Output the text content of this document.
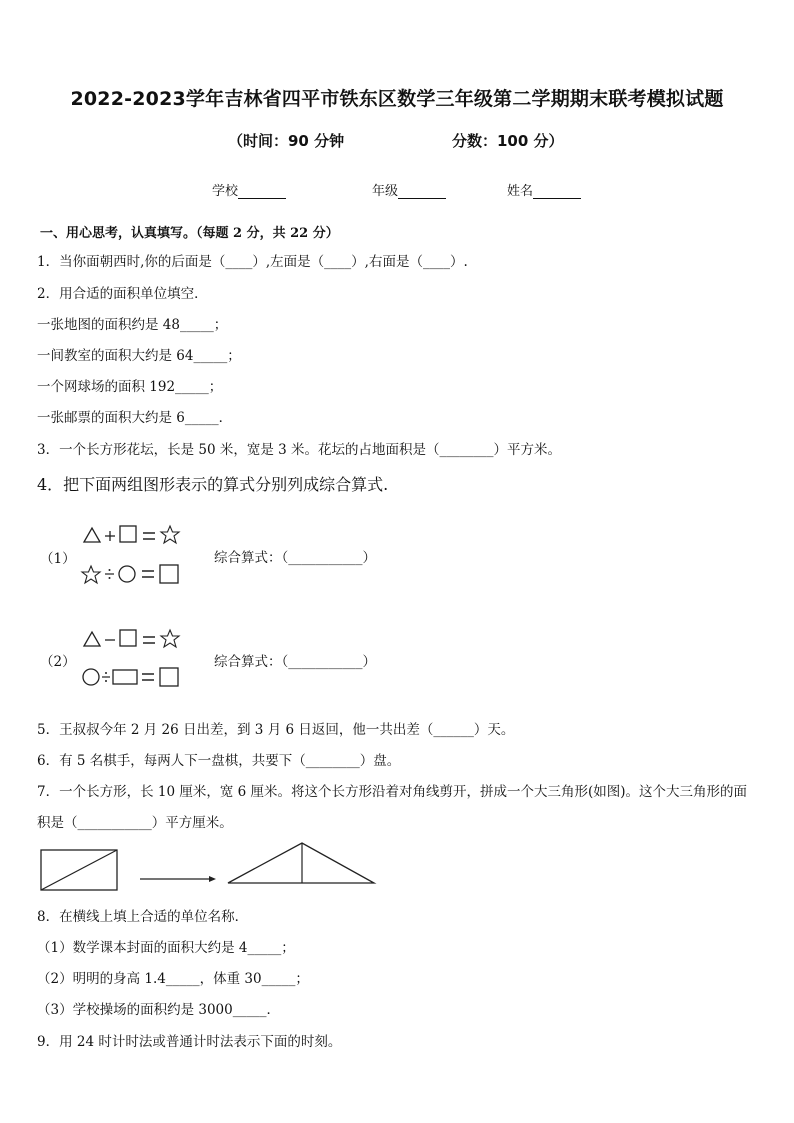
2022-2023学年吉林省四平市铁东区数学三年级第二学期期末联考模拟试题
（时间：90 分钟	分数：100 分）
学校	年级	姓名
一、用心思考，认真填写。（每题 2 分，共 22 分）
1．当你面朝西时,你的后面是（____）,左面是（____）,右面是（____）.
2．用合适的面积单位填空．
一张地图的面积约是 48_____；
一间教室的面积大约是 64_____；
一个网球场的面积 192_____；
一张邮票的面积大约是 6_____．
3．一个长方形花坛，长是 50 米，宽是 3 米。花坛的占地面积是（________）平方米。
4．把下面两组图形表示的算式分别列成综合算式.
（1）	综合算式：（___________）
（2）	综合算式：（___________）
5．王叔叔今年 2 月 26 日出差，到 3 月 6 日返回，他一共出差（______）天。
6．有 5 名棋手，每两人下一盘棋，共要下（________）盘。
7．一个长方形，长 10 厘米，宽 6 厘米。将这个长方形沿着对角线剪开，拼成一个大三角形(如图)。这个大三角形的面
积是（___________）平方厘米。
8．在横线上填上合适的单位名称．
（1）数学课本封面的面积大约是 4_____；
（2）明明的身高 1.4_____，体重 30_____；
（3）学校操场的面积约是 3000_____．
9．用 24 时计时法或普通计时法表示下面的时刻。
